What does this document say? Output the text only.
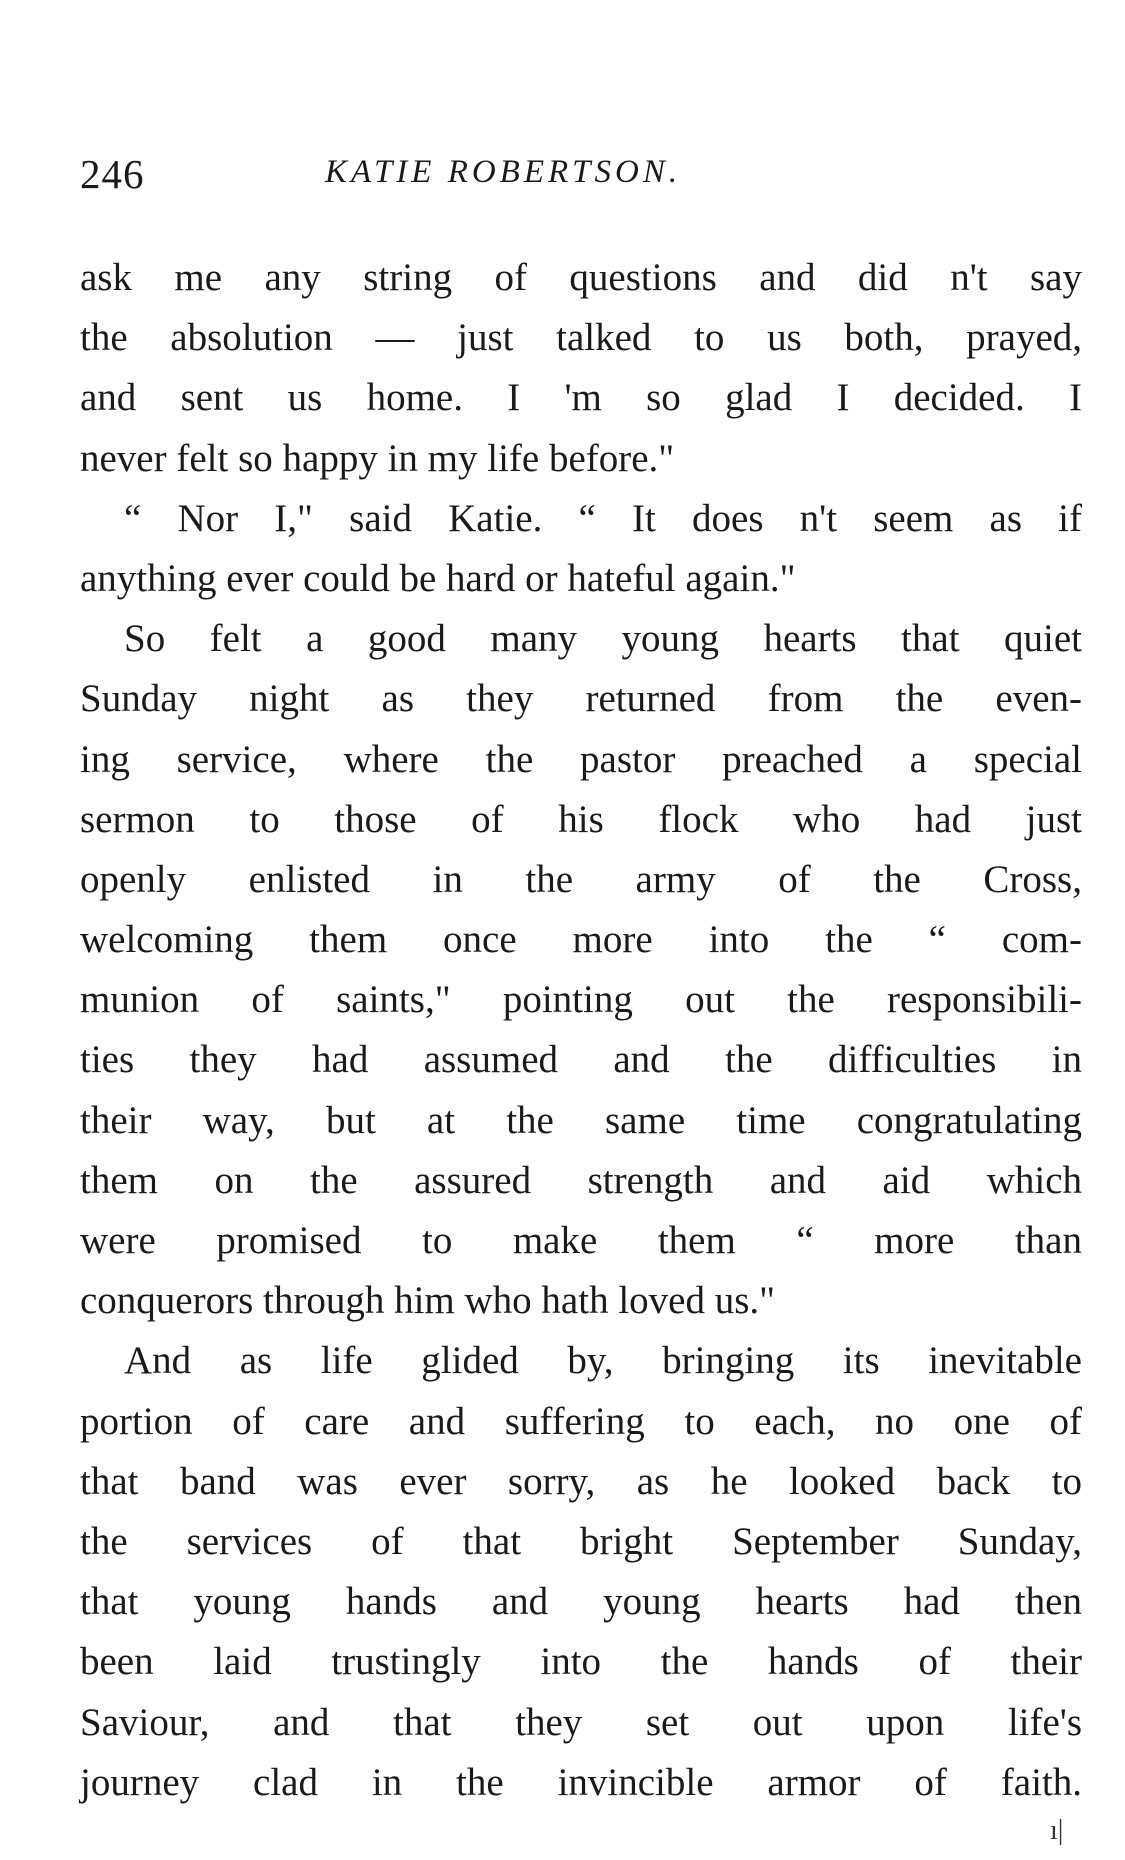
246	KATIE ROBERTSON.
ask me any string of questions and did n't say
the absolution — just talked to us both, prayed,
and sent us home. I 'm so glad I decided. I
never felt so happy in my life before."
“ Nor I," said Katie. “ It does n't seem as if
anything ever could be hard or hateful again."
So felt a good many young hearts that quiet
Sunday night as they returned from the even-
ing service, where the pastor preached a special
sermon to those of his flock who had just
openly enlisted in the army of the Cross,
welcoming them once more into the “ com-
munion of saints," pointing out the responsibili-
ties they had assumed and the difficulties in
their way, but at the same time congratulating
them on the assured strength and aid which
were promised to make them “ more than
conquerors through him who hath loved us."
And as life glided by, bringing its inevitable
portion of care and suffering to each, no one of
that band was ever sorry, as he looked back to
the services of that bright September Sunday,
that young hands and young hearts had then
been laid trustingly into the hands of their
Saviour, and that they set out upon life's
journey clad in the invincible armor of faith.
ı|
